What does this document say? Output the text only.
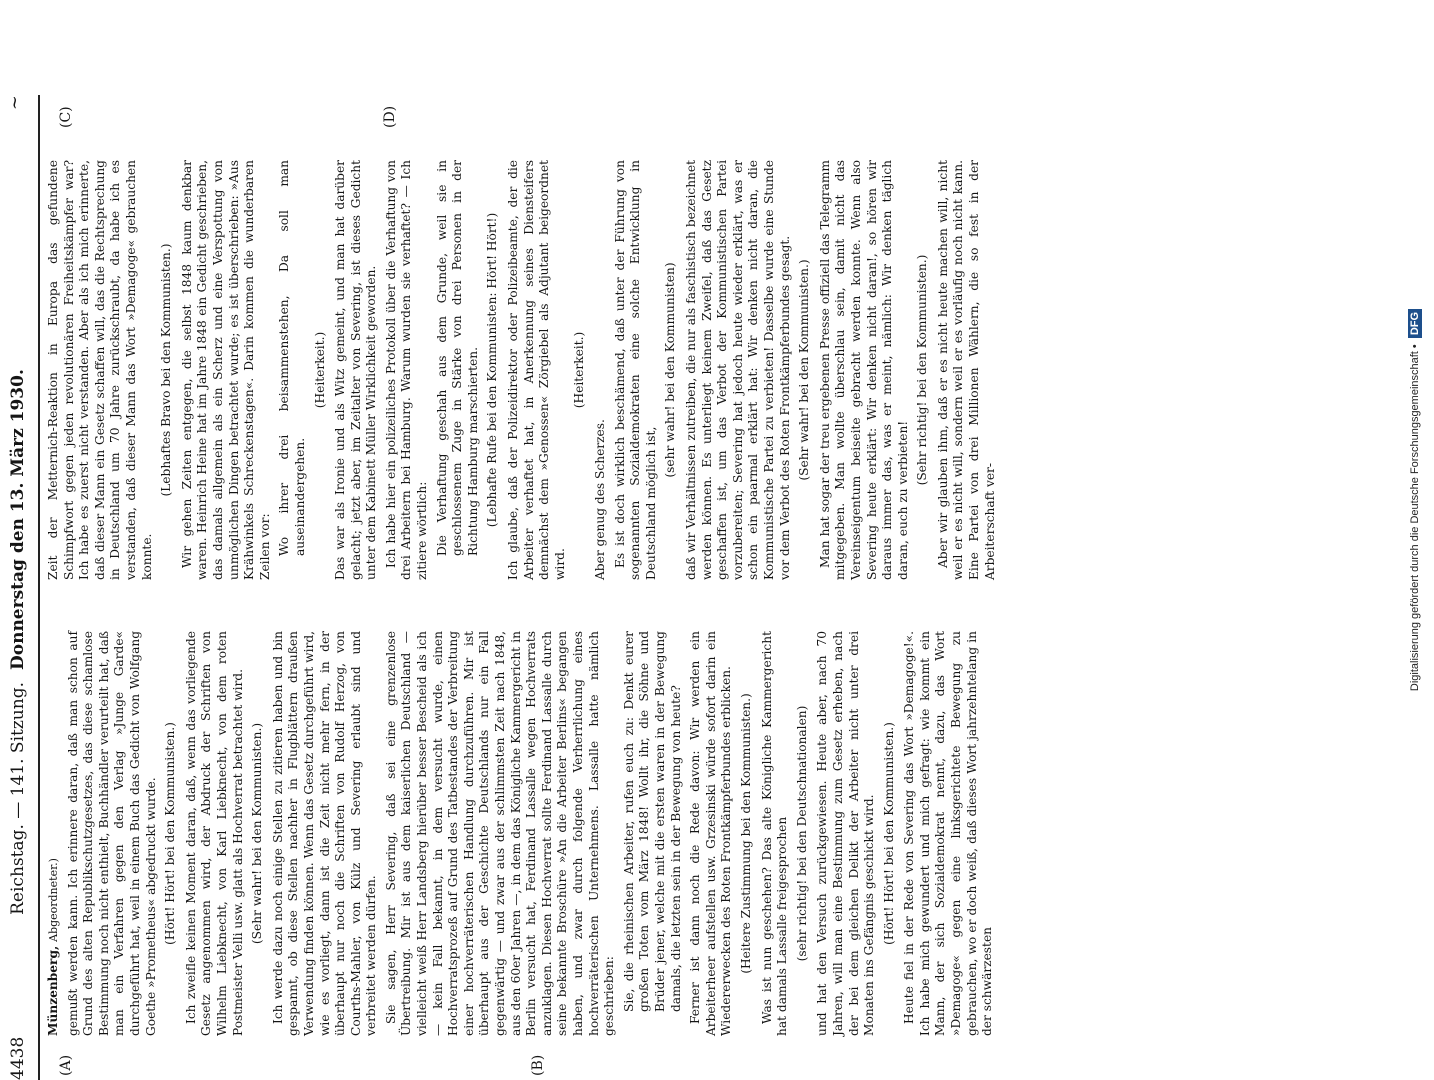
4438
Reichstag. — 141. Sitzung.
Donnerstag den 13. März 1930.
~
(A)	(B)
(C)	(D)

Münzenberg, Abgeordneter.) gemußt werden kann. Ich erinnere daran, daß man schon auf Grund des alten Republikschutzgesetzes, das diese schamlose Bestimmung noch nicht enthielt, Buchhändler verurteilt hat, daß man ein Verfahren gegen den Verlag »Junge Garde« durchgeführt hat, weil in einem Buch das Gedicht von Wolfgang Goethe »Prometheus« abgedruckt wurde. (Hört! Hört! bei den Kommunisten.) Ich zweifle keinen Moment daran, daß, wenn das vorliegende Gesetz angenommen wird, der Abdruck der Schriften von Wilhelm Liebknecht, von Karl Liebknecht, von dem roten Postmeister Velli usw. glatt als Hochverrat betrachtet wird. (Sehr wahr! bei den Kommunisten.) Ich werde dazu noch einige Stellen zu zitieren haben und bin gespannt, ob diese Stellen nachher in Flugblättern draußen Verwendung finden können. Wenn das Gesetz durchgeführt wird, wie es vorliegt, dann ist die Zeit nicht mehr fern, in der überhaupt nur noch die Schriften von Rudolf Herzog, von Courths-Mahler, von Külz und Severing erlaubt sind und verbreitet werden dürfen. Sie sagen, Herr Severing, daß sei eine grenzenlose Übertreibung. Mir ist aus dem kaiserlichen Deutschland — vielleicht weiß Herr Landsberg hierüber besser Bescheid als ich — kein Fall bekannt, in dem versucht wurde, einen Hochverratsprozeß auf Grund des Tatbestandes der Verbreitung einer hochverräterischen Handlung durchzuführen. Mir ist überhaupt aus der Geschichte Deutschlands nur ein Fall gegenwärtig — und zwar aus der schlimmsten Zeit nach 1848, aus den 60er Jahren —, in dem das Königliche Kammergericht in Berlin versucht hat, Ferdinand Lassalle wegen Hochverrats anzuklagen. Diesen Hochverrat sollte Ferdinand Lassalle durch seine bekannte Broschüre »An die Arbeiter Berlins« begangen haben, und zwar durch folgende Verherrlichung eines hochverräterischen Unternehmens. Lassalle hatte nämlich geschrieben: Sie, die rheinischen Arbeiter, rufen euch zu: Denkt eurer großen Toten vom März 1848! Wollt ihr, die Söhne und Brüder jener, welche mit die ersten waren in der Bewegung damals, die letzten sein in der Bewegung von heute? Ferner ist dann noch die Rede davon: Wir werden ein Arbeiterheer aufstellen usw. Grzesinski würde sofort darin ein Wiedererwecken des Roten Frontkämpferbundes erblicken. (Heitere Zustimmung bei den Kommunisten.) Was ist nun geschehen? Das alte Königliche Kammergericht hat damals Lassalle freigesprochen (sehr richtig! bei den Deutschnationalen) und hat den Versuch zurückgewiesen. Heute aber, nach 70 Jahren, will man eine Bestimmung zum Gesetz erheben, nach der bei dem gleichen Delikt der Arbeiter nicht unter drei Monaten ins Gefängnis geschickt wird. (Hört! Hört! bei den Kommunisten.) Heute fiel in der Rede von Severing das Wort »Demagoge!«. Ich habe mich gewundert und mich gefragt: wie kommt ein Mann, der sich Sozialdemokrat nennt, dazu, das Wort »Demagoge« gegen eine linksgerichtete Bewegung zu gebrauchen, wo er doch weiß, daß dieses Wort jahrzehntelang in der schwärzesten

Zeit der Metternich-Reaktion in Europa das gefundene Schimpfwort gegen jeden revolutionären Freiheitskämpfer war? Ich habe es zuerst nicht verstanden. Aber als ich mich erinnerte, daß dieser Mann ein Gesetz schaffen will, das die Rechtsprechung in Deutschland um 70 Jahre zurückschraubt, da habe ich es verstanden, daß dieser Mann das Wort »Demagoge« gebrauchen konnte.

(Lebhaftes Bravo bei den Kommunisten.) Wir gehen Zeiten entgegen, die selbst 1848 kaum denkbar waren. Heinrich Heine hat im Jahre 1848 ein Gedicht geschrieben, das damals allgemein als ein Scherz und eine Verspottung von unmöglichen Dingen betrachtet wurde; es ist überschrieben: »Aus Krähwinkels Schreckenstagen«. Darin kommen die wunderbaren Zeilen vor: Wo ihrer drei beisammenstehen, Da soll man auseinandergehen.

(Heiterkeit.) Das war als Ironie und als Witz gemeint, und man hat darüber gelacht; jetzt aber, im Zeitalter von Severing, ist dieses Gedicht unter dem Kabinett Müller Wirklichkeit geworden. Ich habe hier ein polizeiliches Protokoll über die Verhaftung von drei Arbeitern bei Hamburg. Warum wurden sie verhaftet? — Ich zitiere wörtlich: Die Verhaftung geschah aus dem Grunde, weil sie in geschlossenem Zuge in Stärke von drei Personen in der Richtung Hamburg marschierten. (Lebhafte Rufe bei den Kommunisten: Hört! Hört!) Ich glaube, daß der Polizeidirektor oder Polizeibeamte, der die Arbeiter verhaftet hat, in Anerkennung seines Diensteifers demnächst dem »Genossen« Zörgiebel als Adjutant beigeordnet wird.

(Heiterkeit.)

Aber genug des Scherzes. Es ist doch wirklich beschämend, daß unter der Führung von sogenannten Sozialdemokraten eine solche Entwicklung in Deutschland möglich ist,

(sehr wahr! bei den Kommunisten) daß wir Verhältnissen zutreiben, die nur als faschistisch bezeichnet werden können. Es unterliegt keinem Zweifel, daß das Gesetz geschaffen ist, um das Verbot der Kommunistischen Partei vorzubereiten; Severing hat jedoch heute wieder erklärt, was er schon ein paarmal erklärt hat: Wir denken nicht daran, die Kommunistische Partei zu verbieten! Dasselbe wurde eine Stunde vor dem Verbot des Roten Frontkämpferbundes gesagt. (Sehr wahr! bei den Kommunisten.) Man hat sogar der treu ergebenen Presse offiziell das Telegramm mitgegeben. Man wollte überschlau sein, damit nicht das Vereinseigentum beiseite gebracht werden konnte. Wenn also Severing heute erklärt: Wir denken nicht daran!, so hören wir daraus immer das, was er meint, nämlich: Wir denken täglich daran, euch zu verbieten!

(Sehr richtig! bei den Kommunisten.) Aber wir glauben ihm, daß er es nicht heute machen will, nicht weil er es nicht will, sondern weil er es vorläufig noch nicht kann. Eine Partei von drei Millionen Wählern, die so fest in der Arbeiterschaft ver-	Digitalisierung gefördert durch die Deutsche Forschungsgemeinschaft • DFG
